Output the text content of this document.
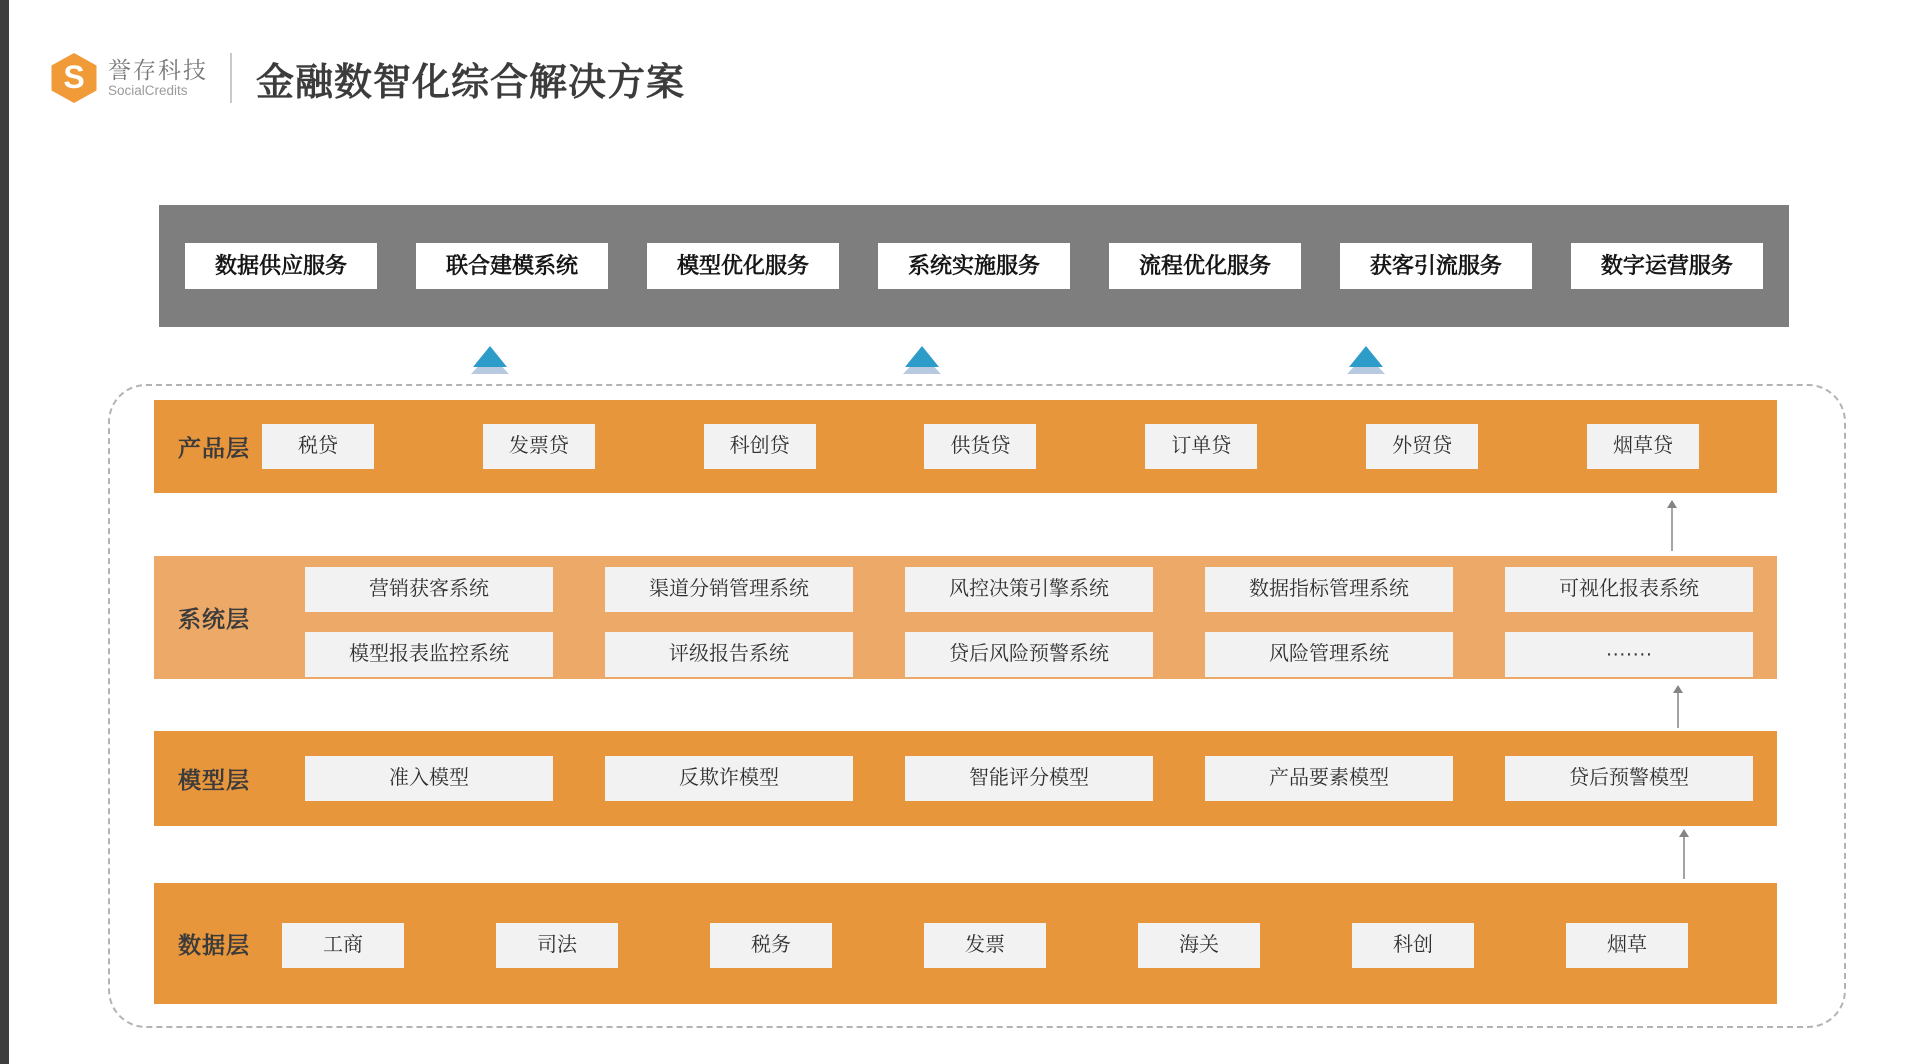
S 誉存科技
SocialCredits	金融数智化综合解决方案
数据供应服务	联合建模系统	模型优化服务	系统实施服务	流程优化服务	获客引流服务	数字运营服务
产品层	税贷	发票贷	科创贷	供货贷	订单贷	外贸贷	烟草贷
系统层
营销获客系统	渠道分销管理系统	风控决策引擎系统	数据指标管理系统	可视化报表系统
模型报表监控系统	评级报告系统	贷后风险预警系统	风险管理系统	·······
模型层	准入模型	反欺诈模型	智能评分模型	产品要素模型	贷后预警模型
数据层	工商	司法	税务	发票	海关	科创	烟草
